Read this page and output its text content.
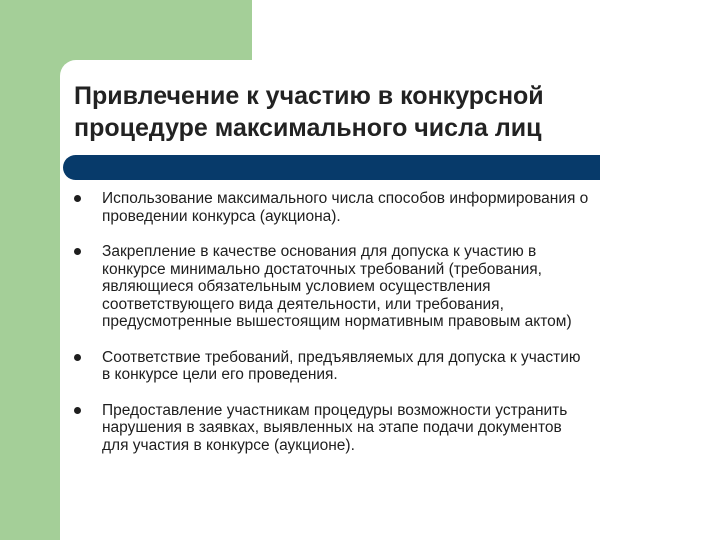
Привлечение к участию в конкурсной
процедуре максимального числа лиц
Использование максимального числа способов информирования о
проведении конкурса (аукциона).
Закрепление в качестве основания для допуска к участию в
конкурсе минимально достаточных требований (требования,
являющиеся обязательным условием осуществления
соответствующего вида деятельности, или требования,
предусмотренные вышестоящим нормативным правовым актом)
Соответствие требований, предъявляемых для допуска к участию
в конкурсе цели его проведения.
Предоставление участникам процедуры возможности устранить
нарушения в заявках, выявленных на этапе подачи документов
для участия в конкурсе (аукционе).
